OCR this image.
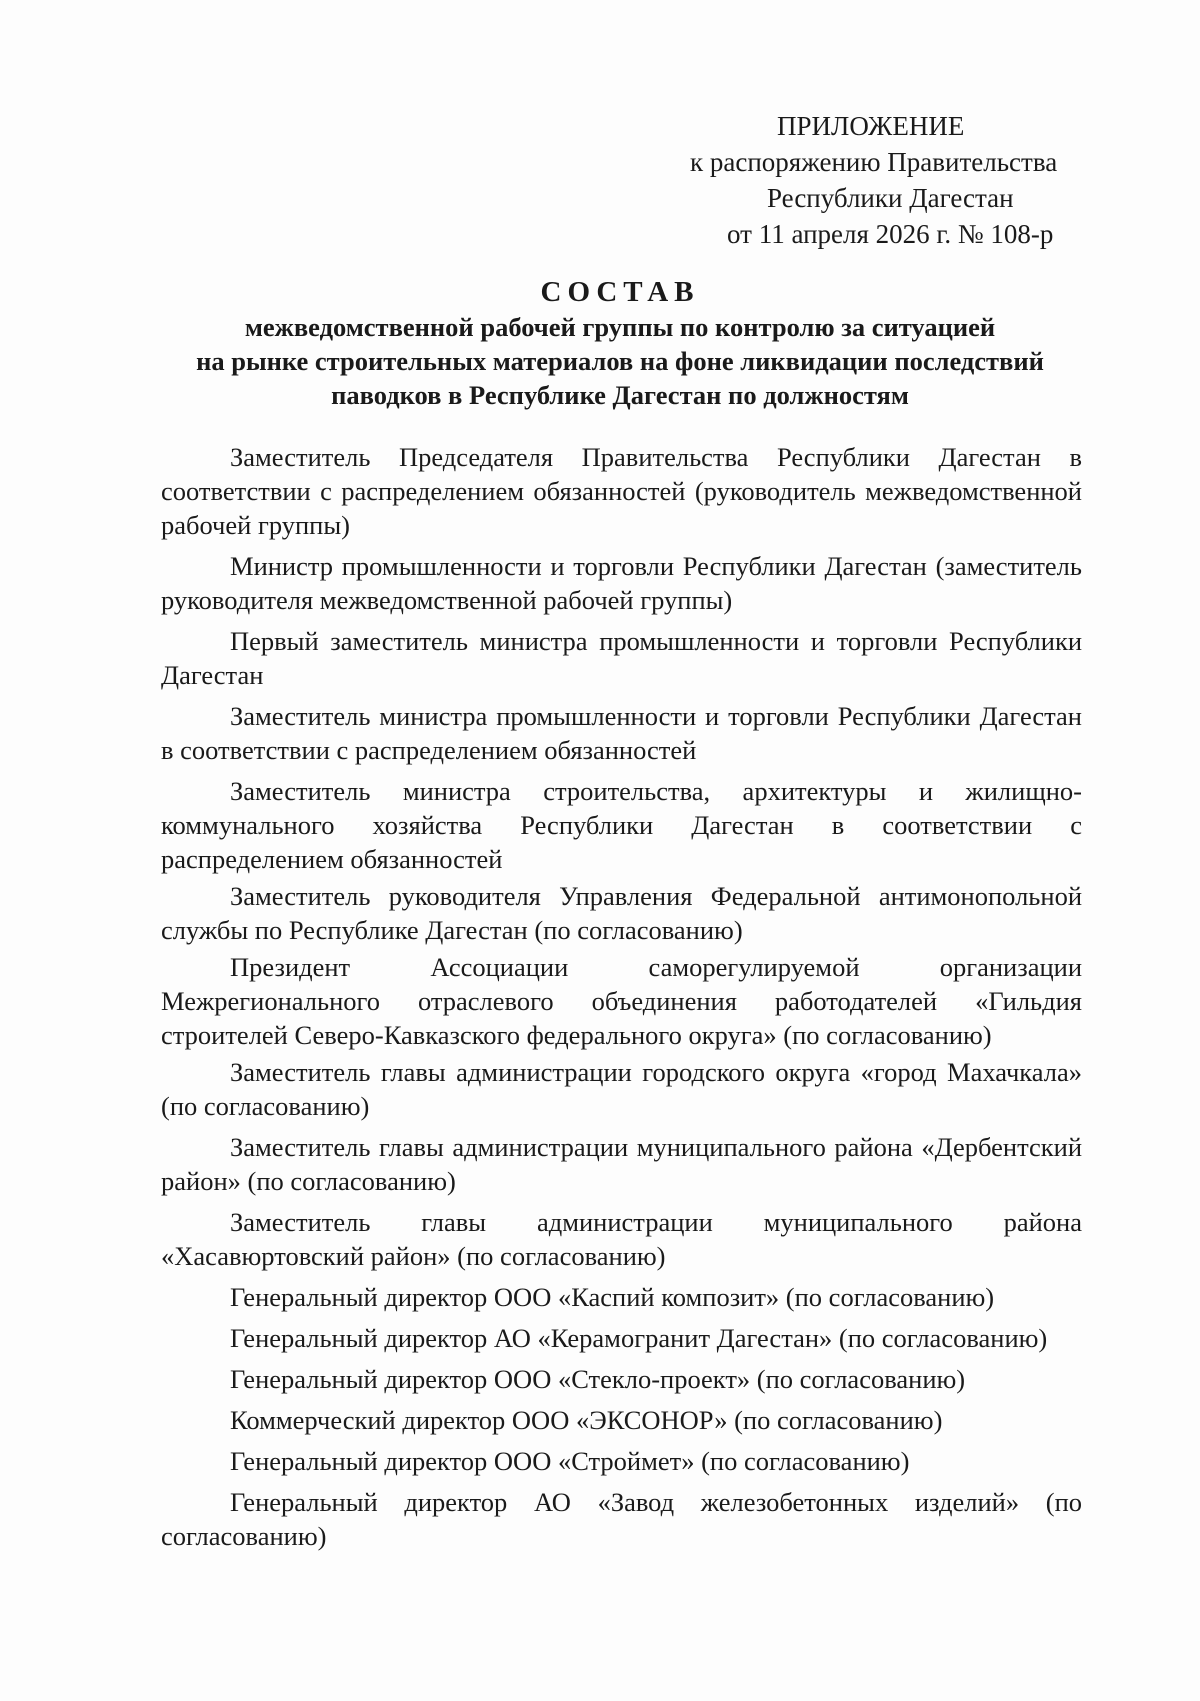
ПРИЛОЖЕНИЕ
к распоряжению Правительства
Республики Дагестан
от 11 апреля 2026 г. № 108-р
СОСТАВ
межведомственной рабочей группы по контролю за ситуацией
на рынке строительных материалов на фоне ликвидации последствий
паводков в Республике Дагестан по должностям

Заместитель Председателя Правительства Республики Дагестан в соответствии с распределением обязанностей (руководитель межведомственной рабочей группы)

Министр промышленности и торговли Республики Дагестан (заместитель руководителя межведомственной рабочей группы)

Первый заместитель министра промышленности и торговли Республики Дагестан

Заместитель министра промышленности и торговли Республики Дагестан в соответствии с распределением обязанностей

Заместитель министра строительства, архитектуры и жилищно-коммунального хозяйства Республики Дагестан в соответствии с распределением обязанностей

Заместитель руководителя Управления Федеральной антимонопольной службы по Республике Дагестан (по согласованию)

Президент Ассоциации саморегулируемой организации Межрегионального отраслевого объединения работодателей «Гильдия строителей Северо-Кавказского федерального округа» (по согласованию)

Заместитель главы администрации городского округа «город Махачкала» (по согласованию)

Заместитель главы администрации муниципального района «Дербентский район» (по согласованию)

Заместитель главы администрации муниципального района «Хасавюртовский район» (по согласованию)

Генеральный директор ООО «Каспий композит» (по согласованию)

Генеральный директор АО «Керамогранит Дагестан» (по согласованию)

Генеральный директор ООО «Стекло-проект» (по согласованию)

Коммерческий директор ООО «ЭКСОНОР» (по согласованию)

Генеральный директор ООО «Строймет» (по согласованию)

Генеральный директор АО «Завод железобетонных изделий» (по согласованию)
